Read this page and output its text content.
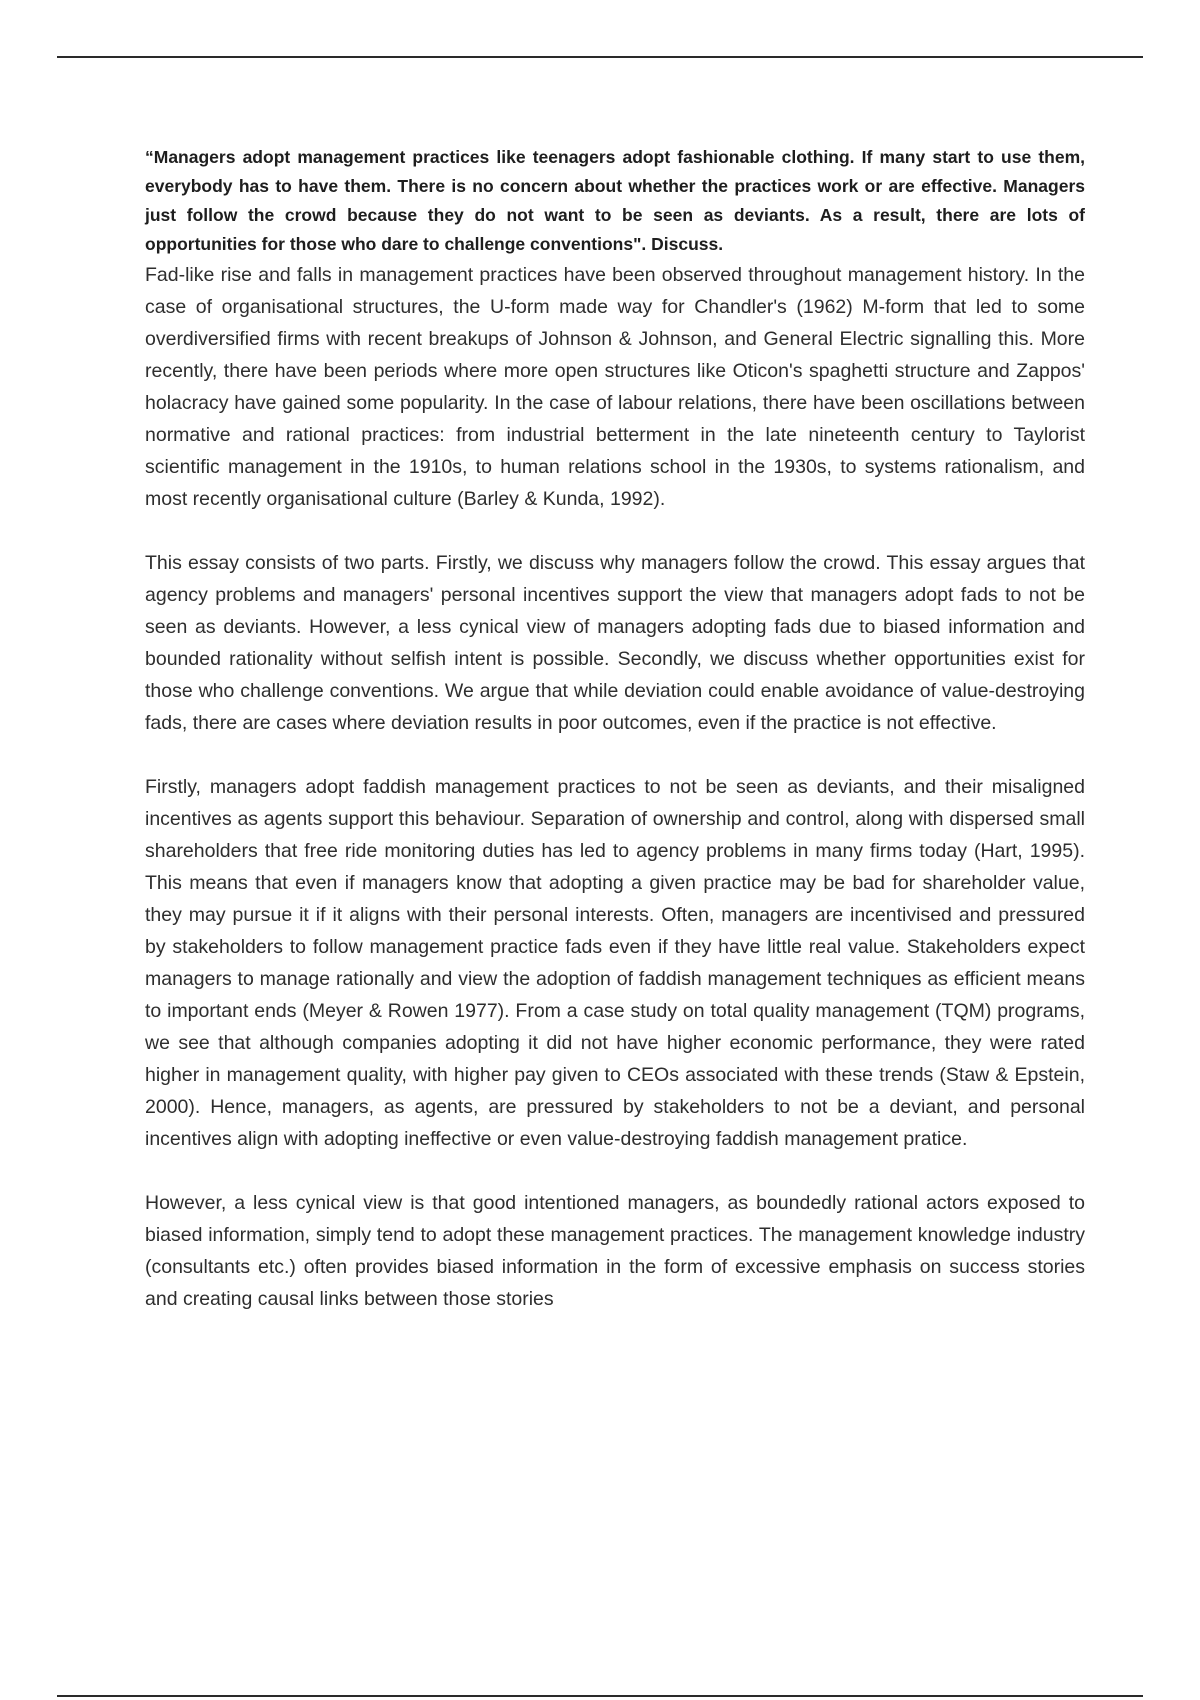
“Managers adopt management practices like teenagers adopt fashionable clothing. If many start to use them, everybody has to have them. There is no concern about whether the practices work or are effective. Managers just follow the crowd because they do not want to be seen as deviants. As a result, there are lots of opportunities for those who dare to challenge conventions". Discuss.

Fad-like rise and falls in management practices have been observed throughout management history. In the case of organisational structures, the U-form made way for Chandler's (1962) M-form that led to some overdiversified firms with recent breakups of Johnson & Johnson, and General Electric signalling this. More recently, there have been periods where more open structures like Oticon's spaghetti structure and Zappos' holacracy have gained some popularity. In the case of labour relations, there have been oscillations between normative and rational practices: from industrial betterment in the late nineteenth century to Taylorist scientific management in the 1910s, to human relations school in the 1930s, to systems rationalism, and most recently organisational culture (Barley & Kunda, 1992).

This essay consists of two parts. Firstly, we discuss why managers follow the crowd. This essay argues that agency problems and managers' personal incentives support the view that managers adopt fads to not be seen as deviants. However, a less cynical view of managers adopting fads due to biased information and bounded rationality without selfish intent is possible. Secondly, we discuss whether opportunities exist for those who challenge conventions. We argue that while deviation could enable avoidance of value-destroying fads, there are cases where deviation results in poor outcomes, even if the practice is not effective.

Firstly, managers adopt faddish management practices to not be seen as deviants, and their misaligned incentives as agents support this behaviour. Separation of ownership and control, along with dispersed small shareholders that free ride monitoring duties has led to agency problems in many firms today (Hart, 1995). This means that even if managers know that adopting a given practice may be bad for shareholder value, they may pursue it if it aligns with their personal interests. Often, managers are incentivised and pressured by stakeholders to follow management practice fads even if they have little real value. Stakeholders expect managers to manage rationally and view the adoption of faddish management techniques as efficient means to important ends (Meyer & Rowen 1977). From a case study on total quality management (TQM) programs, we see that although companies adopting it did not have higher economic performance, they were rated higher in management quality, with higher pay given to CEOs associated with these trends (Staw & Epstein, 2000). Hence, managers, as agents, are pressured by stakeholders to not be a deviant, and personal incentives align with adopting ineffective or even value-destroying faddish management pratice.

However, a less cynical view is that good intentioned managers, as boundedly rational actors exposed to biased information, simply tend to adopt these management practices. The management knowledge industry (consultants etc.) often provides biased information in the form of excessive emphasis on success stories and creating causal links between those stories
